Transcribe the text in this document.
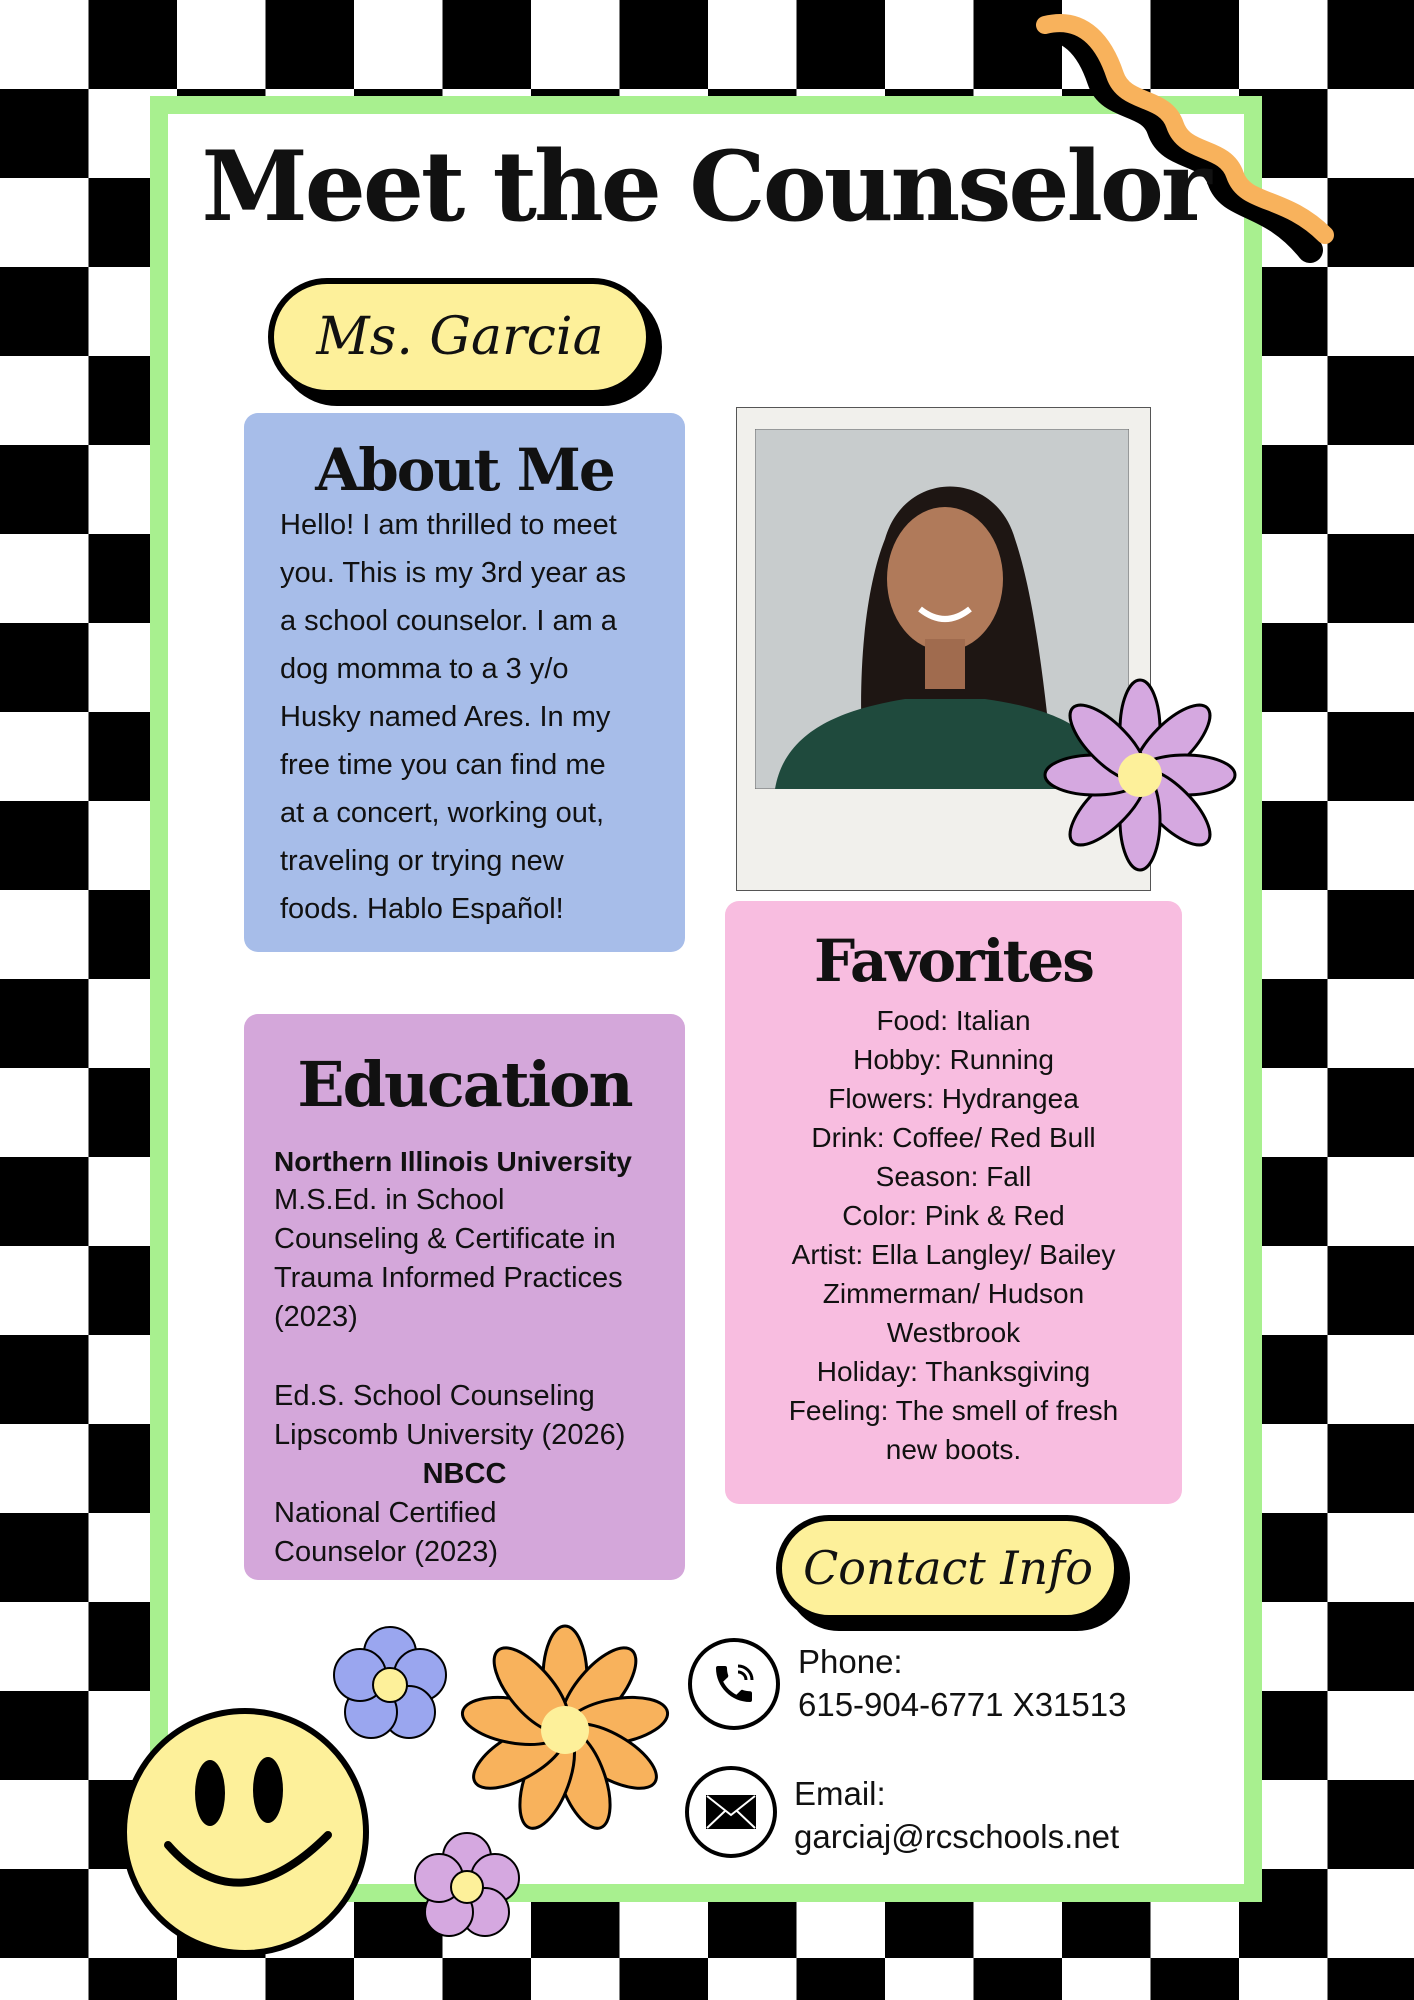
Meet the Counselor
Ms. Garcia
About Me
Hello! I am thrilled to meet
you. This is my 3rd year as
a school counselor. I am a
dog momma to a 3 y/o
Husky named Ares. In my
free time you can find me
at a concert, working out,
traveling or trying new
foods. Hablo Español!
Favorites
Food: Italian
Hobby: Running
Flowers: Hydrangea
Drink: Coffee/ Red Bull
Season: Fall
Color: Pink & Red
Artist: Ella Langley/ Bailey
Zimmerman/ Hudson
Westbrook
Holiday: Thanksgiving
Feeling: The smell of fresh
new boots.
Education
Northern Illinois University
M.S.Ed. in School
Counseling & Certificate in
Trauma Informed Practices
(2023)
Ed.S. School Counseling
Lipscomb University (2026)
NBCC
National Certified
Counselor (2023)	Contact Info
Phone:
615-904-6771 X31513
Email:
garciaj@rcschools.net
